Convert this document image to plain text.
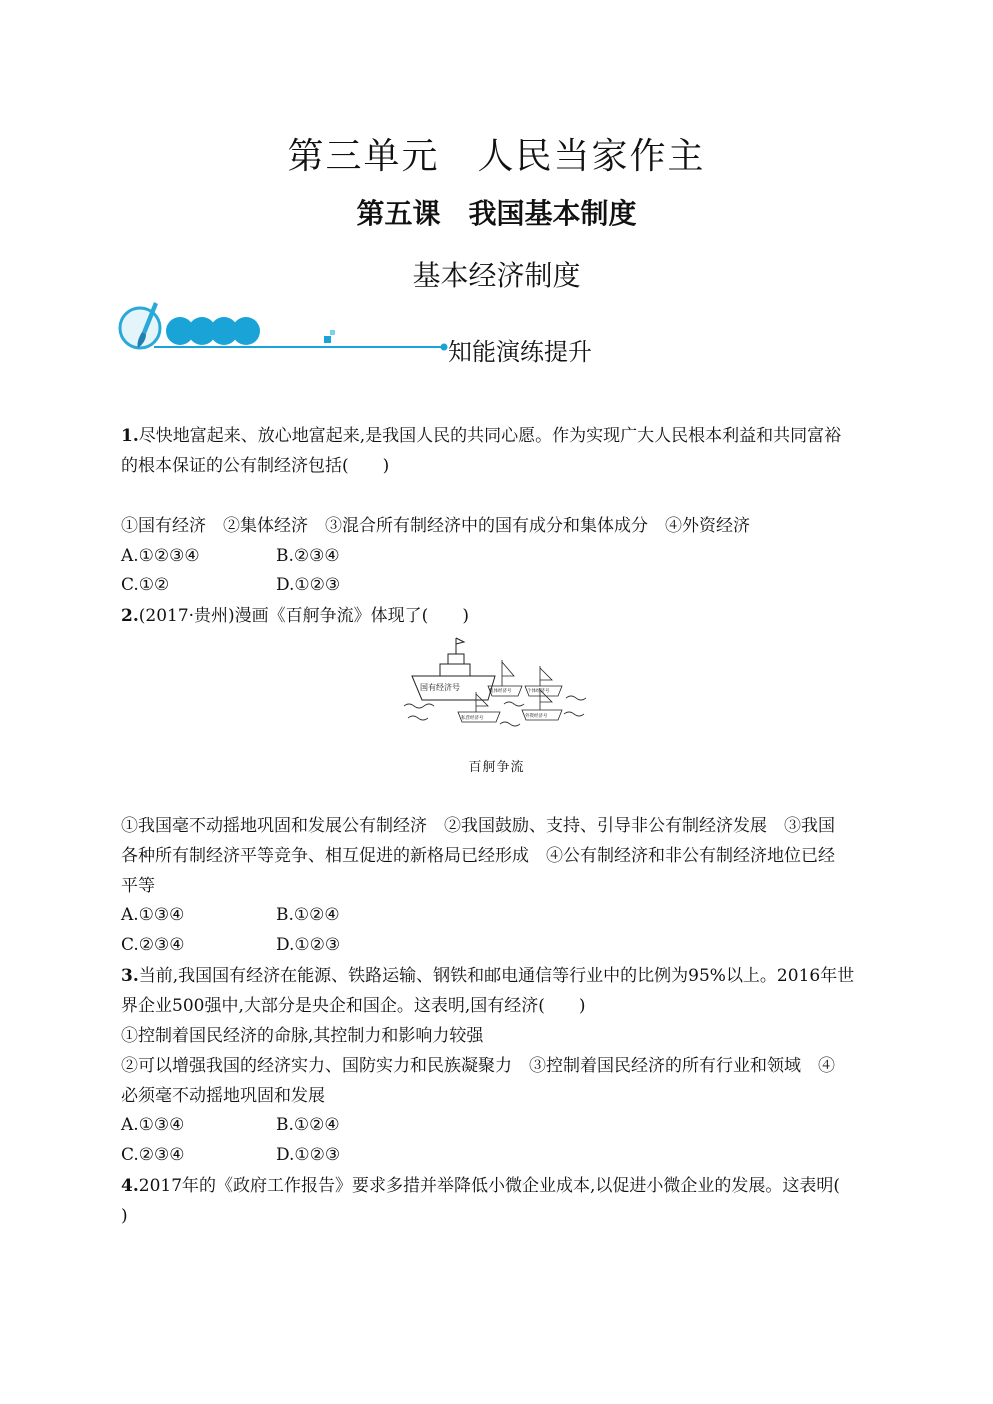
第三单元　人民当家作主
第五课　我国基本制度
基本经济制度
知能演练提升
1.尽快地富起来、放心地富起来,是我国人民的共同心愿。作为实现广大人民根本利益和共同富裕
的根本保证的公有制经济包括(　　)
①国有经济　②集体经济　③混合所有制经济中的国有成分和集体成分　④外资经济
A.①②③④	B.②③④
C.①②	D.①②③
2.(2017·贵州)漫画《百舸争流》体现了(　　)
国有经济号	集体经济号	个体经济号
私营经济号	外资经济号
百舸争流
①我国毫不动摇地巩固和发展公有制经济　②我国鼓励、支持、引导非公有制经济发展　③我国
各种所有制经济平等竞争、相互促进的新格局已经形成　④公有制经济和非公有制经济地位已经
平等
A.①③④	B.①②④
C.②③④	D.①②③
3.当前,我国国有经济在能源、铁路运输、钢铁和邮电通信等行业中的比例为95%以上。2016年世
界企业500强中,大部分是央企和国企。这表明,国有经济(　　)
①控制着国民经济的命脉,其控制力和影响力较强
②可以增强我国的经济实力、国防实力和民族凝聚力　③控制着国民经济的所有行业和领域　④
必须毫不动摇地巩固和发展
A.①③④	B.①②④
C.②③④	D.①②③
4.2017年的《政府工作报告》要求多措并举降低小微企业成本,以促进小微企业的发展。这表明(
)
